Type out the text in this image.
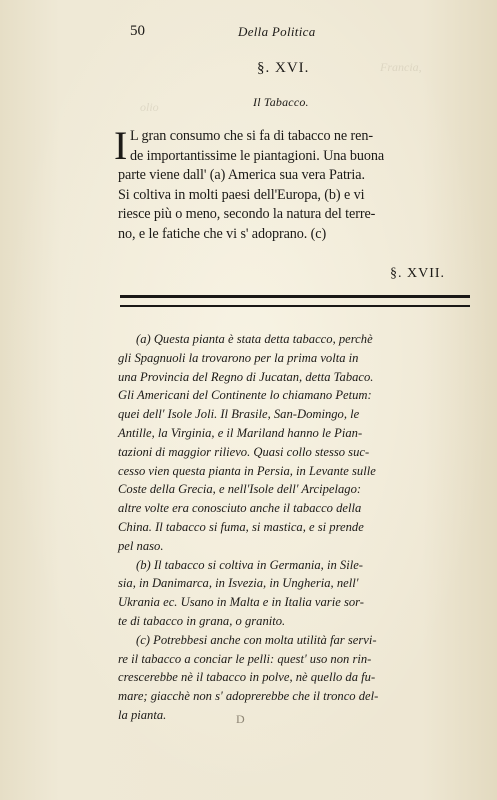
Francia,
olio
50	Della Politica
§. XVI.
Il Tabacco.
I L gran consumo che si fa di tabacco ne ren-
de importantissime le piantagioni. Una buona
parte viene dall' (a) America sua vera Patria.
Si coltiva in molti paesi dell'Europa, (b) e vi
riesce più o meno, secondo la natura del terre-
no, e le fatiche che vi s' adoprano. (c)
§. XVII.
(a) Questa pianta è stata detta tabacco, perchè
gli Spagnuoli la trovarono per la prima volta in
una Provincia del Regno di Jucatan, detta Tabaco.
Gli Americani del Continente lo chiamano Petum:
quei dell' Isole Joli. Il Brasile, San-Domingo, le
Antille, la Virginia, e il Mariland hanno le Pian-
tazioni di maggior rilievo. Quasi collo stesso suc-
cesso vien questa pianta in Persia, in Levante sulle
Coste della Grecia, e nell'Isole dell' Arcipelago:
altre volte era conosciuto anche il tabacco della
China. Il tabacco si fuma, si mastica, e si prende
pel naso.
(b) Il tabacco si coltiva in Germania, in Sile-
sia, in Danimarca, in Isvezia, in Ungheria, nell'
Ukrania ec. Usano in Malta e in Italia varie sor-
te di tabacco in grana, o granito.
(c) Potrebbesi anche con molta utilità far servi-
re il tabacco a conciar le pelli: quest' uso non rin-
crescerebbe nè il tabacco in polve, nè quello da fu-
mare; giacchè non s' adoprerebbe che il tronco del-
la pianta.	D
